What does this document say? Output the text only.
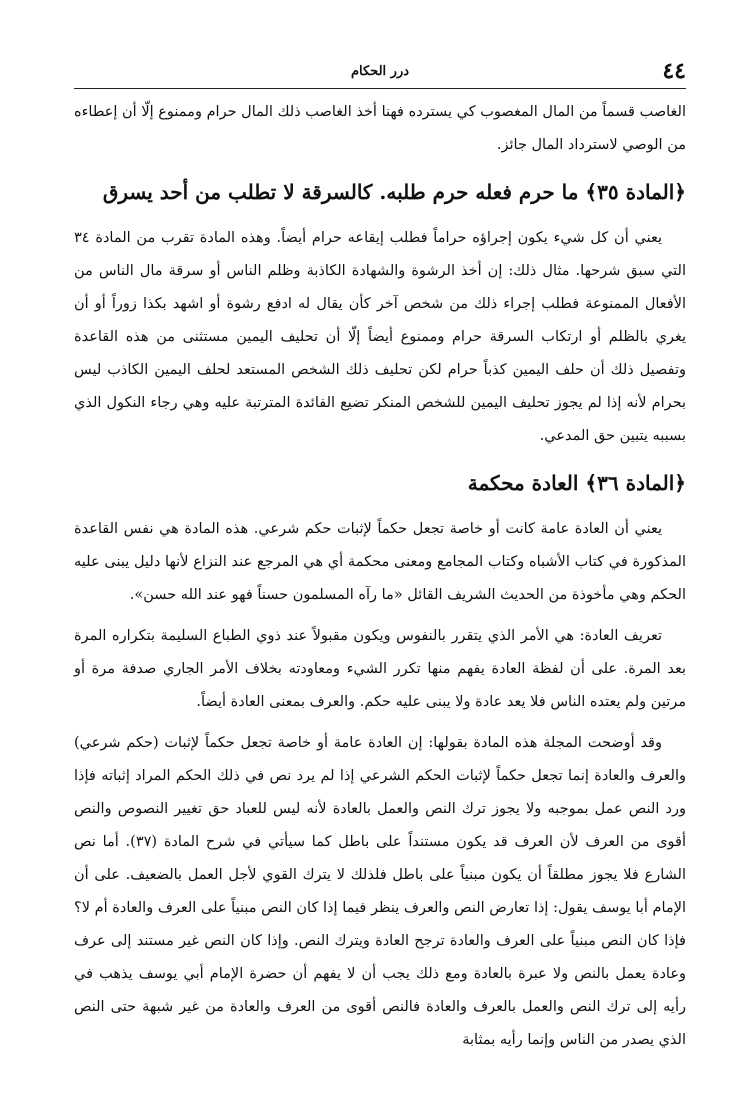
٤٤
درر الحكام

الغاصب قسماً من المال المغصوب كي يسترده فهنا أخذ الغاصب ذلك المال حرام وممنوع إلّا أن إعطاءه من الوصي لاسترداد المال جائز.

﴿المادة ٣٥﴾ ما حرم فعله حرم طلبه. كالسرقة لا تطلب من أحد يسرق

يعني أن كل شيء يكون إجراؤه حراماً فطلب إيقاعه حرام أيضاً. وهذه المادة تقرب من المادة ٣٤ التي سبق شرحها. مثال ذلك: إن أخذ الرشوة والشهادة الكاذبة وظلم الناس أو سرقة مال الناس من الأفعال الممنوعة فطلب إجراء ذلك من شخص آخر كأن يقال له ادفع رشوة أو اشهد بكذا زوراً أو أن يغري بالظلم أو ارتكاب السرقة حرام وممنوع أيضاً إلّا أن تحليف اليمين مستثنى من هذه القاعدة وتفصيل ذلك أن حلف اليمين كذباً حرام لكن تحليف ذلك الشخص المستعد لحلف اليمين الكاذب ليس بحرام لأنه إذا لم يجوز تحليف اليمين للشخص المنكر تضيع الفائدة المترتبة عليه وهي رجاء النكول الذي بسببه يتبين حق المدعي.

﴿المادة ٣٦﴾ العادة محكمة

يعني أن العادة عامة كانت أو خاصة تجعل حكماً لإثبات حكم شرعي. هذه المادة هي نفس القاعدة المذكورة في كتاب الأشباه وكتاب المجامع ومعنى محكمة أي هي المرجع عند النزاع لأنها دليل يبنى عليه الحكم وهي مأخوذة من الحديث الشريف القائل «ما رآه المسلمون حسناً فهو عند الله حسن».

تعريف العادة: هي الأمر الذي يتقرر بالنفوس ويكون مقبولاً عند ذوي الطباع السليمة بتكراره المرة بعد المرة. على أن لفظة العادة يفهم منها تكرر الشيء ومعاودته بخلاف الأمر الجاري صدفة مرة أو مرتين ولم يعتده الناس فلا يعد عادة ولا يبنى عليه حكم. والعرف بمعنى العادة أيضاً.

وقد أوضحت المجلة هذه المادة بقولها: إن العادة عامة أو خاصة تجعل حكماً لإثبات (حكم شرعي) والعرف والعادة إنما تجعل حكماً لإثبات الحكم الشرعي إذا لم يرد نص في ذلك الحكم المراد إثباته فإذا ورد النص عمل بموجبه ولا يجوز ترك النص والعمل بالعادة لأنه ليس للعباد حق تغيير النصوص والنص أقوى من العرف لأن العرف قد يكون مستنداً على باطل كما سيأتي في شرح المادة (٣٧). أما نص الشارع فلا يجوز مطلقاً أن يكون مبنياً على باطل فلذلك لا يترك القوي لأجل العمل بالضعيف. على أن الإمام أبا يوسف يقول: إذا تعارض النص والعرف ينظر فيما إذا كان النص مبنياً على العرف والعادة أم لا؟ فإذا كان النص مبنياً على العرف والعادة ترجح العادة ويترك النص. وإذا كان النص غير مستند إلى عرف وعادة يعمل بالنص ولا عبرة بالعادة ومع ذلك يجب أن لا يفهم أن حضرة الإمام أبي يوسف يذهب في رأيه إلى ترك النص والعمل بالعرف والعادة فالنص أقوى من العرف والعادة من غير شبهة حتى النص الذي يصدر من الناس وإنما رأيه بمثابة
